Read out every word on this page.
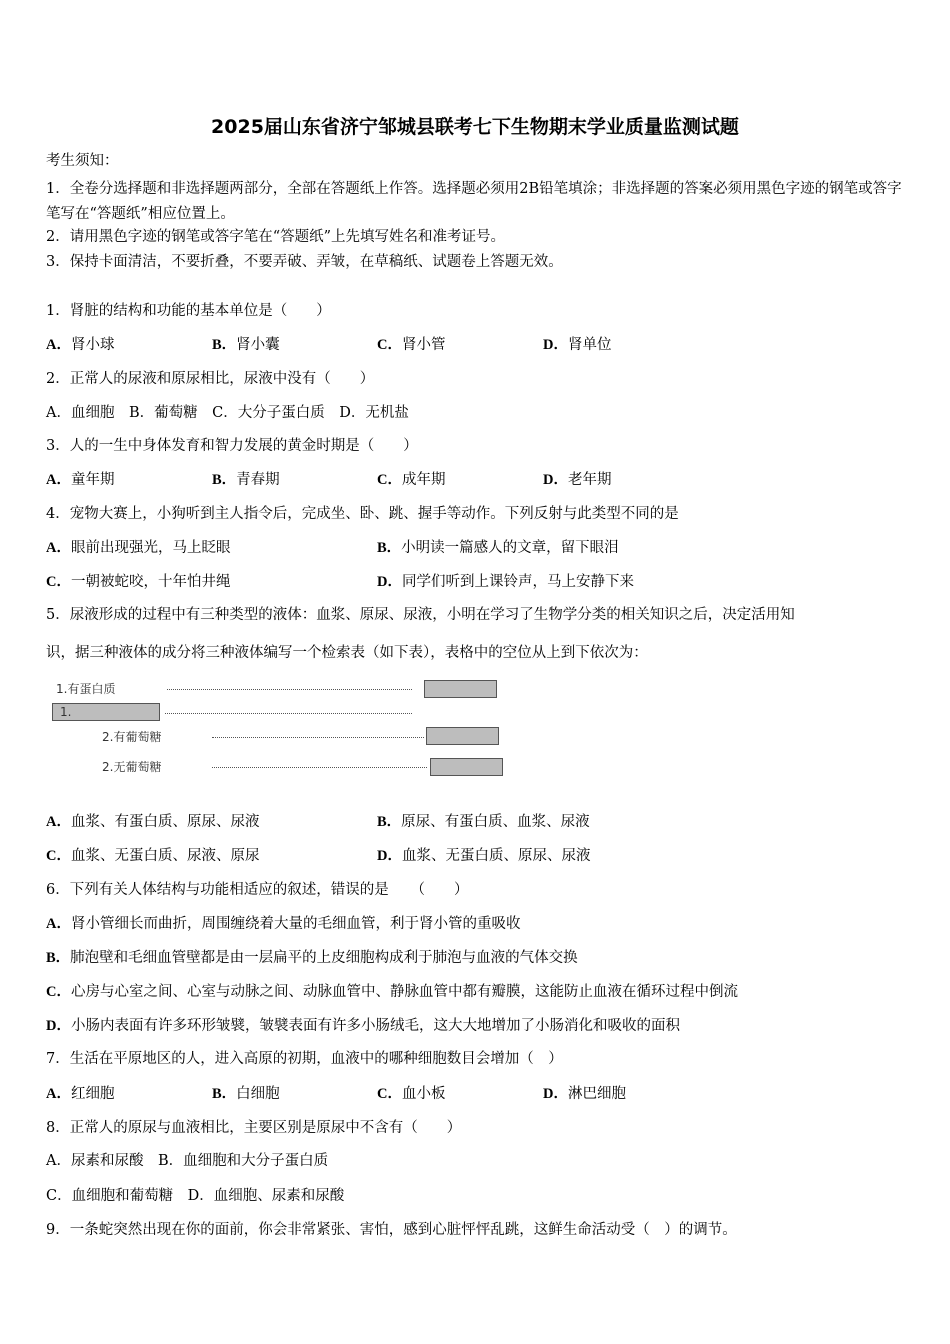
2025届山东省济宁邹城县联考七下生物期末学业质量监测试题
考生须知：
1．全卷分选择题和非选择题两部分，全部在答题纸上作答。选择题必须用2B铅笔填涂；非选择题的答案必须用黑色字迹的钢笔或答字笔写在“答题纸”相应位置上。
2．请用黑色字迹的钢笔或答字笔在“答题纸”上先填写姓名和准考证号。
3．保持卡面清洁，不要折叠，不要弄破、弄皱，在草稿纸、试题卷上答题无效。
1．肾脏的结构和功能的基本单位是（　　）
A．肾小球	B．肾小囊	C．肾小管	D．肾单位
2．正常人的尿液和原尿相比，尿液中没有（　　）
A．血细胞　B．葡萄糖　C．大分子蛋白质　D．无机盐
3．人的一生中身体发育和智力发展的黄金时期是（　　）
A．童年期	B．青春期	C．成年期	D．老年期
4．宠物大赛上，小狗听到主人指令后，完成坐、卧、跳、握手等动作。下列反射与此类型不同的是
A．眼前出现强光，马上眨眼	B．小明读一篇感人的文章，留下眼泪
C．一朝被蛇咬，十年怕井绳	D．同学们听到上课铃声，马上安静下来
5．尿液形成的过程中有三种类型的液体：血浆、原尿、尿液，小明在学习了生物学分类的相关知识之后，决定活用知
识，据三种液体的成分将三种液体编写一个检索表（如下表），表格中的空位从上到下依次为：
1.有蛋白质
1.
2.有葡萄糖
2.无葡萄糖
A．血浆、有蛋白质、原尿、尿液	B．原尿、有蛋白质、血浆、尿液
C．血浆、无蛋白质、尿液、原尿	D．血浆、无蛋白质、原尿、尿液
6．下列有关人体结构与功能相适应的叙述，错误的是　　（　　）
A．肾小管细长而曲折，周围缠绕着大量的毛细血管，利于肾小管的重吸收
B．肺泡壁和毛细血管壁都是由一层扁平的上皮细胞构成利于肺泡与血液的气体交换
C．心房与心室之间、心室与动脉之间、动脉血管中、静脉血管中都有瓣膜，这能防止血液在循环过程中倒流
D．小肠内表面有许多环形皱襞，皱襞表面有许多小肠绒毛，这大大地增加了小肠消化和吸收的面积
7．生活在平原地区的人，进入高原的初期，血液中的哪种细胞数目会增加（　）
A．红细胞	B．白细胞	C．血小板	D．淋巴细胞
8．正常人的原尿与血液相比，主要区别是原尿中不含有（　　）
A．尿素和尿酸　B．血细胞和大分子蛋白质
C．血细胞和葡萄糖　D．血细胞、尿素和尿酸
9．一条蛇突然出现在你的面前，你会非常紧张、害怕，感到心脏怦怦乱跳，这鲜生命活动受（　）的调节。
